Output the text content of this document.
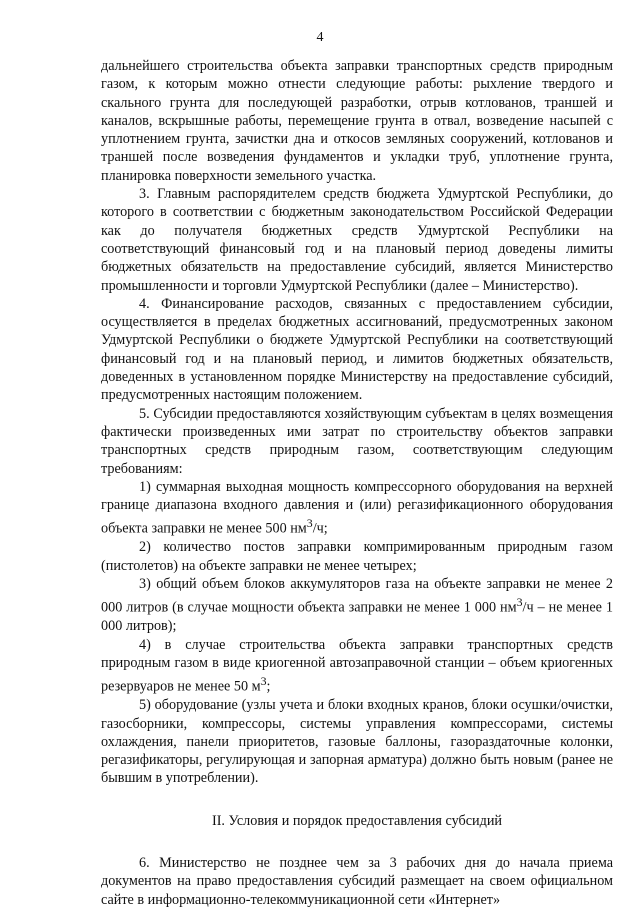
4

дальнейшего строительства объекта заправки транспортных средств природным газом, к которым можно отнести следующие работы: рыхление твердого и скального грунта для последующей разработки, отрыв котлованов, траншей и каналов, вскрышные работы, перемещение грунта в отвал, возведение насыпей с уплотнением грунта, зачистки дна и откосов земляных сооружений, котлованов и траншей после возведения фундаментов и укладки труб, уплотнение грунта, планировка поверхности земельного участка.

3. Главным распорядителем средств бюджета Удмуртской Республики, до которого в соответствии с бюджетным законодательством Российской Федерации как до получателя бюджетных средств Удмуртской Республики на соответствующий финансовый год и на плановый период доведены лимиты бюджетных обязательств на предоставление субсидий, является Министерство промышленности и торговли Удмуртской Республики (далее – Министерство).

4. Финансирование расходов, связанных с предоставлением субсидии, осуществляется в пределах бюджетных ассигнований, предусмотренных законом Удмуртской Республики о бюджете Удмуртской Республики на соответствующий финансовый год и на плановый период, и лимитов бюджетных обязательств, доведенных в установленном порядке Министерству на предоставление субсидий, предусмотренных настоящим положением.

5. Субсидии предоставляются хозяйствующим субъектам в целях возмещения фактически произведенных ими затрат по строительству объектов заправки транспортных средств природным газом, соответствующим следующим требованиям:

1) суммарная выходная мощность компрессорного оборудования на верхней границе диапазона входного давления и (или) регазификационного оборудования объекта заправки не менее 500 $нм^3/ч$;

2) количество постов заправки компримированным природным газом (пистолетов) на объекте заправки не менее четырех;

3) общий объем блоков аккумуляторов газа на объекте заправки не менее 2 000 литров (в случае мощности объекта заправки не менее 1 000 $нм^3/ч$ – не менее 1 000 литров);

4) в случае строительства объекта заправки транспортных средств природным газом в виде криогенной автозаправочной станции – объем криогенных резервуаров не менее 50 $м^3$;

5) оборудование (узлы учета и блоки входных кранов, блоки осушки/очистки, газосборники, компрессоры, системы управления компрессорами, системы охлаждения, панели приоритетов, газовые баллоны, газораздаточные колонки, регазификаторы, регулирующая и запорная арматура) должно быть новым (ранее не бывшим в употреблении).

II. Условия и порядок предоставления субсидий

6. Министерство не позднее чем за 3 рабочих дня до начала приема документов на право предоставления субсидий размещает на своем официальном сайте в информационно-телекоммуникационной сети «Интернет»
